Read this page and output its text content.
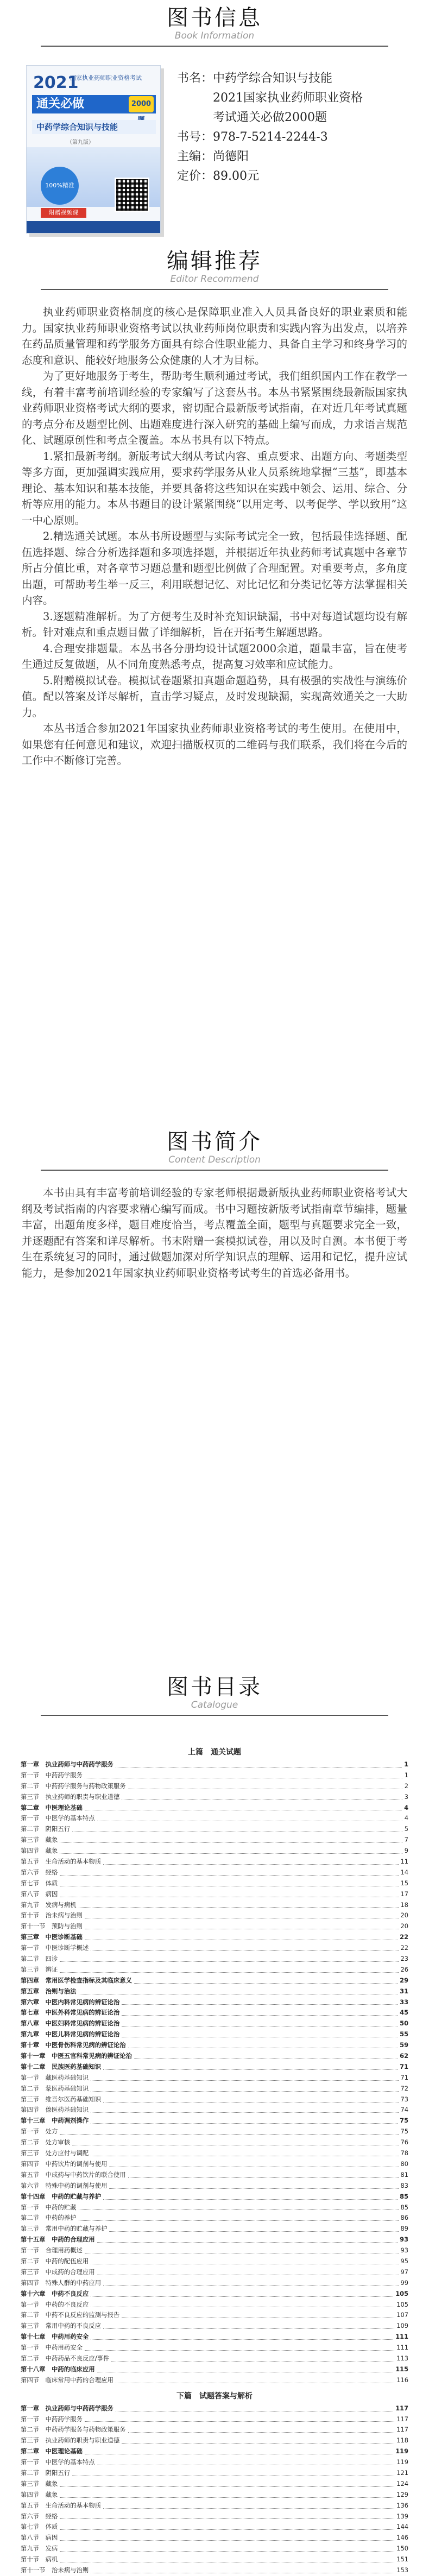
图书信息
Book Information
2021
国家执业药师职业资格考试
通关必做	2000
中药学综合知识与技能
（第九版）
100%精准
附赠视频课
书名：中药学综合知识与技能
2021国家执业药师职业资格
考试通关必做2000题
书号：978-7-5214-2244-3
主编：尚德阳
定价：89.00元
编辑推荐
Editor Recommend

执业药师职业资格制度的核心是保障职业准入人员具备良好的职业素质和能力。国家执业药师职业资格考试以执业药师岗位职责和实践内容为出发点，以培养在药品质量管理和药学服务方面具有综合性职业能力、具备自主学习和终身学习的态度和意识、能较好地服务公众健康的人才为目标。

为了更好地服务于考生，帮助考生顺利通过考试，我们组织国内工作在教学一线，有着丰富考前培训经验的专家编写了这套丛书。本丛书紧紧围绕最新版国家执业药师职业资格考试大纲的要求，密切配合最新版考试指南，在对近几年考试真题的考点分布及题型比例、出题难度进行深入研究的基础上编写而成，力求语言规范化、试题原创性和考点全覆盖。本丛书具有以下特点。

1.紧扣最新考纲。新版考试大纲从考试内容、重点要求、出题方向、考题类型等多方面，更加强调实践应用，要求药学服务从业人员系统地掌握“三基”，即基本理论、基本知识和基本技能，并要具备将这些知识在实践中领会、运用、综合、分析等应用的能力。本丛书题目的设计紧紧围绕“以用定考、以考促学、学以致用”这一中心原则。

2.精选通关试题。本丛书所设题型与实际考试完全一致，包括最佳选择题、配伍选择题、综合分析选择题和多项选择题，并根据近年执业药师考试真题中各章节所占分值比重，对各章节习题总量和题型比例做了合理配置。对重要考点，多角度出题，可帮助考生举一反三，利用联想记忆、对比记忆和分类记忆等方法掌握相关内容。

3.逐题精准解析。为了方便考生及时补充知识缺漏，书中对每道试题均设有解析。针对难点和重点题目做了详细解析，旨在开拓考生解题思路。

4.合理安排题量。本丛书各分册均设计试题2000余道，题量丰富，旨在使考生通过反复做题，从不同角度熟悉考点，提高复习效率和应试能力。

5.附赠模拟试卷。模拟试卷题紧扣真题命题趋势，具有极强的实战性与演练价值。配以答案及详尽解析，直击学习疑点，及时发现缺漏，实现高效通关之一大助力。

本丛书适合参加2021年国家执业药师职业资格考试的考生使用。在使用中，如果您有任何意见和建议，欢迎扫描版权页的二维码与我们联系，我们将在今后的工作中不断修订完善。

图书简介
Content Description

本书由具有丰富考前培训经验的专家老师根据最新版执业药师职业资格考试大纲及考试指南的内容要求精心编写而成。书中习题按新版考试指南章节编排，题量丰富，出题角度多样，题目难度恰当，考点覆盖全面，题型与真题要求完全一致，并逐题配有答案和详尽解析。书末附赠一套模拟试卷，用以及时自测。本书便于考生在系统复习的同时，通过做题加深对所学知识点的理解、运用和记忆，提升应试能力，是参加2021年国家执业药师职业资格考试考生的首选必备用书。

图书目录
Catalogue
上篇　通关试题
第一章　执业药师与中药药学服务	1
第一节　中药药学服务	1
第二节　中药药学服务与药物政策服务	2
第三节　执业药师的职责与职业道德	3
第二章　中医理论基础	4
第一节　中医学的基本特点	4
第二节　阴阳五行	5
第三节　藏象	7
第四节　藏象	9
第五节　生命活动的基本物质	11
第六节　经络	14
第七节　体质	15
第八节　病因	17
第九节　发病与病机	18
第十节　治未病与治则	20
第十一节　预防与治则	20
第三章　中医诊断基础	22
第一节　中医诊断学概述	22
第二节　四诊	23
第三节　辨证	26
第四章　常用医学检查指标及其临床意义	29
第五章　治则与治法	31
第六章　中医内科常见病的辨证论治	33
第七章　中医外科常见病的辨证论治	45
第八章　中医妇科常见病的辨证论治	50
第九章　中医儿科常见病的辨证论治	55
第十章　中医骨伤科常见病的辨证论治	59
第十一章　中医五官科常见病的辨证论治	62
第十二章　民族医药基础知识	71
第一节　藏医药基础知识	71
第二节　蒙医药基础知识	72
第三节　维吾尔医药基础知识	73
第四节　傣医药基础知识	74
第十三章　中药调剂操作	75
第一节　处方	75
第二节　处方审核	76
第三节　处方应付与调配	78
第四节　中药饮片的调剂与使用	80
第五节　中成药与中药饮片的联合使用	81
第六节　特殊中药的调剂与使用	83
第十四章　中药的贮藏与养护	85
第一节　中药的贮藏	85
第二节　中药的养护	86
第三节　常用中药的贮藏与养护	89
第十五章　中药的合理应用	93
第一节　合理用药概述	93
第二节　中药的配伍应用	95
第三节　中成药的合理应用	97
第四节　特殊人群的中药应用	99
第十六章　中药不良反应	105
第一节　中药的不良反应	105
第二节　中药不良反应的监测与报告	107
第三节　常用中药的不良反应	109
第十七章　中药用药安全	111
第一节　中药用药安全	111
第二节　中药药品不良反应/事件	113
第十八章　中药的临床应用	115
第四节　临床常用中药的合理应用	116
下篇　试题答案与解析
第一章　执业药师与中药药学服务	117
第一节　中药药学服务	117
第二节　中药药学服务与药物政策服务	117
第三节　执业药师的职责与职业道德	118
第二章　中医理论基础	119
第一节　中医学的基本特点	119
第二节　阴阳五行	121
第三节　藏象	124
第四节　藏象	129
第五节　生命活动的基本物质	136
第六节　经络	139
第七节　体质	144
第八节　病因	146
第九节　发病	150
第十节　病机	151
第十一节　治未病与治则	153
